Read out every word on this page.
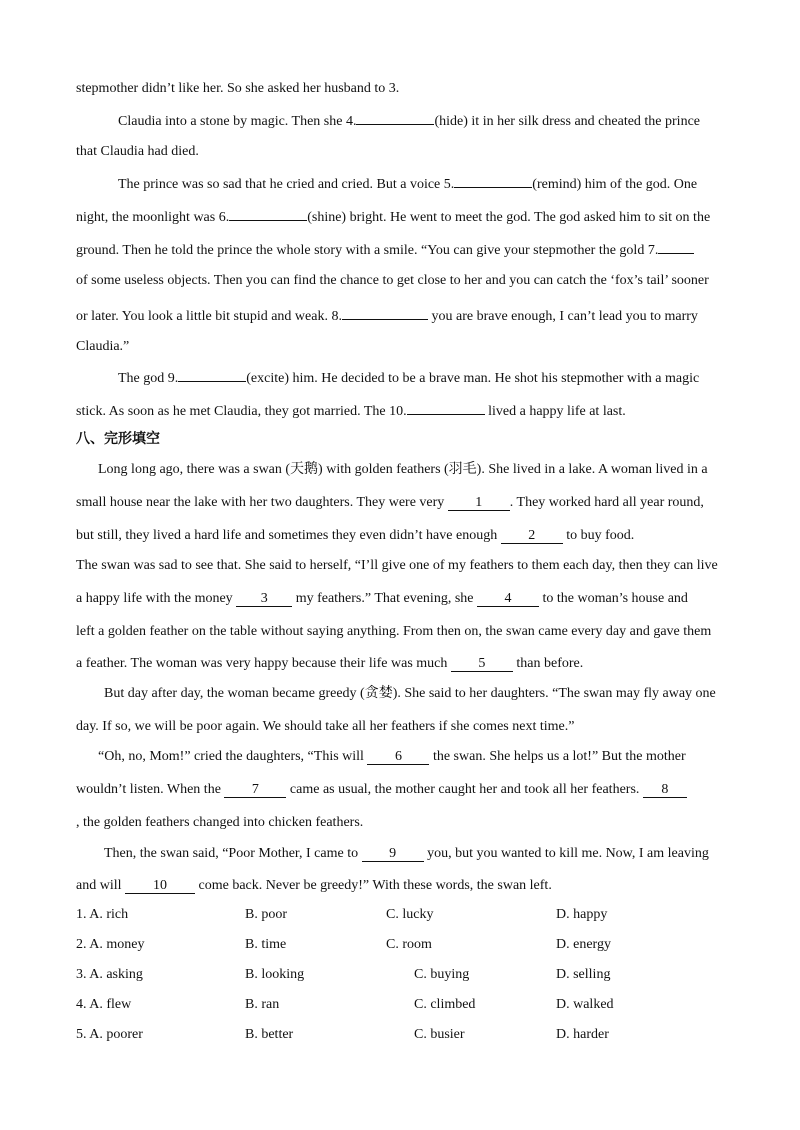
stepmother didn’t like her. So she asked her husband to 3.
Claudia into a stone by magic. Then she 4.	(hide) it in her silk dress and cheated the prince
that Claudia had died.
The prince was so sad that he cried and cried. But a voice 5.	(remind) him of the god. One
night, the moonlight was 6.	(shine) bright. He went to meet the god. The god asked him to sit on the
ground. Then he told the prince the whole story with a smile. “You can give your stepmother the gold 7.
of some useless objects. Then you can find the chance to get close to her and you can catch the ‘fox’s tail’ sooner
or later. You look a little bit stupid and weak. 8.	you are brave enough, I can’t lead you to marry
Claudia.”
The god 9.	(excite) him. He decided to be a brave man. He shot his stepmother with a magic
stick. As soon as he met Claudia, they got married. The 10.	lived a happy life at last.
八、完形填空
Long long ago, there was a swan (天鹅) with golden feathers (羽毛). She lived in a lake. A woman lived in a
small house near the lake with her two daughters. They were very 1 . They worked hard all year round,
but still, they lived a hard life and sometimes they even didn’t have enough 2 to buy food.
The swan was sad to see that. She said to herself, “I’ll give one of my feathers to them each day, then they can live
a happy life with the money 3 my feathers.” That evening, she 4 to the woman’s house and
left a golden feather on the table without saying anything. From then on, the swan came every day and gave them
a feather. The woman was very happy because their life was much 5 than before.
But day after day, the woman became greedy (贪婪). She said to her daughters. “The swan may fly away one
day. If so, we will be poor again. We should take all her feathers if she comes next time.”
“Oh, no, Mom!” cried the daughters, “This will 6 the swan. She helps us a lot!” But the mother
wouldn’t listen. When the 7 came as usual, the mother caught her and took all her feathers. 8
, the golden feathers changed into chicken feathers.
Then, the swan said, “Poor Mother, I came to 9 you, but you wanted to kill me. Now, I am leaving
and will 10 come back. Never be greedy!” With these words, the swan left.
1. A. rich	B. poor	C. lucky	D. happy
2. A. money	B. time	C. room	D. energy
3. A. asking	B. looking	C. buying	D. selling
4. A. flew	B. ran	C. climbed	D. walked
5. A. poorer	B. better	C. busier	D. harder
